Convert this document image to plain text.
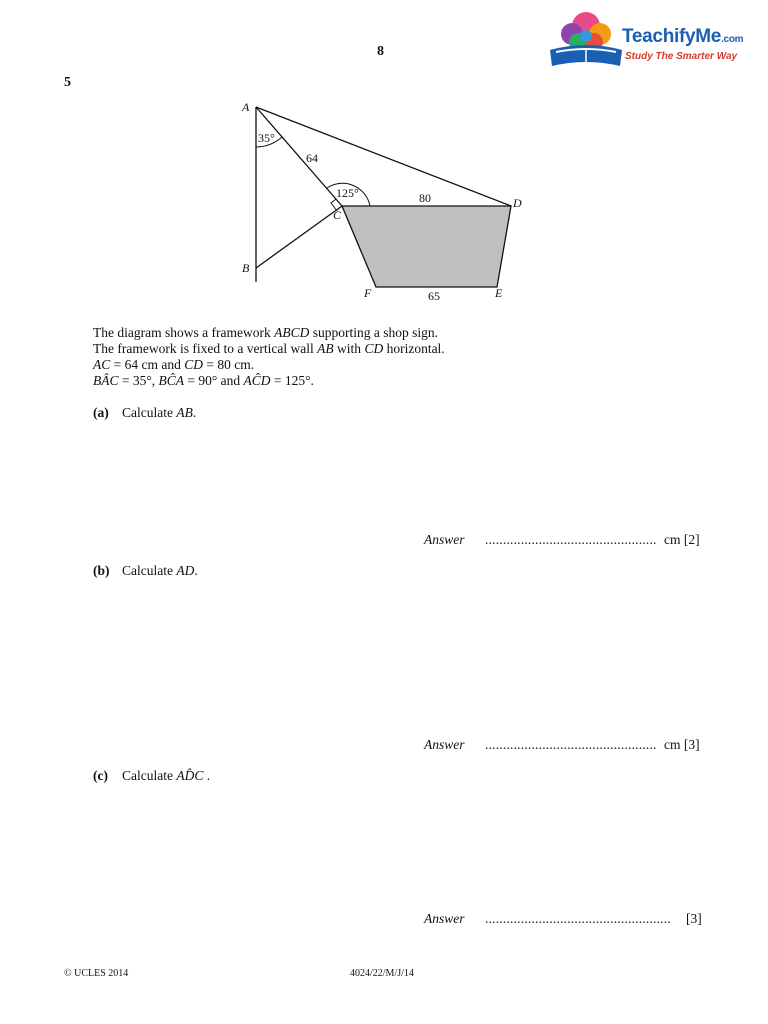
8
5
TeachifyMe.com
Study The Smarter Way
A
B
C
D
E
F
35°
125°
64
80
65
The diagram shows a framework ABCD supporting a shop sign.
The framework is fixed to a vertical wall AB with CD horizontal.
AC = 64 cm and CD = 80 cm.
BÂC = 35°, BĈA = 90° and AĈD = 125°.
(a) Calculate AB.
Answer ................................................ cm [2]
(b) Calculate AD.
Answer ................................................ cm [3]
(c) Calculate AD̂C .
Answer .................................................... [3]
© UCLES 2014	4024/22/M/J/14
